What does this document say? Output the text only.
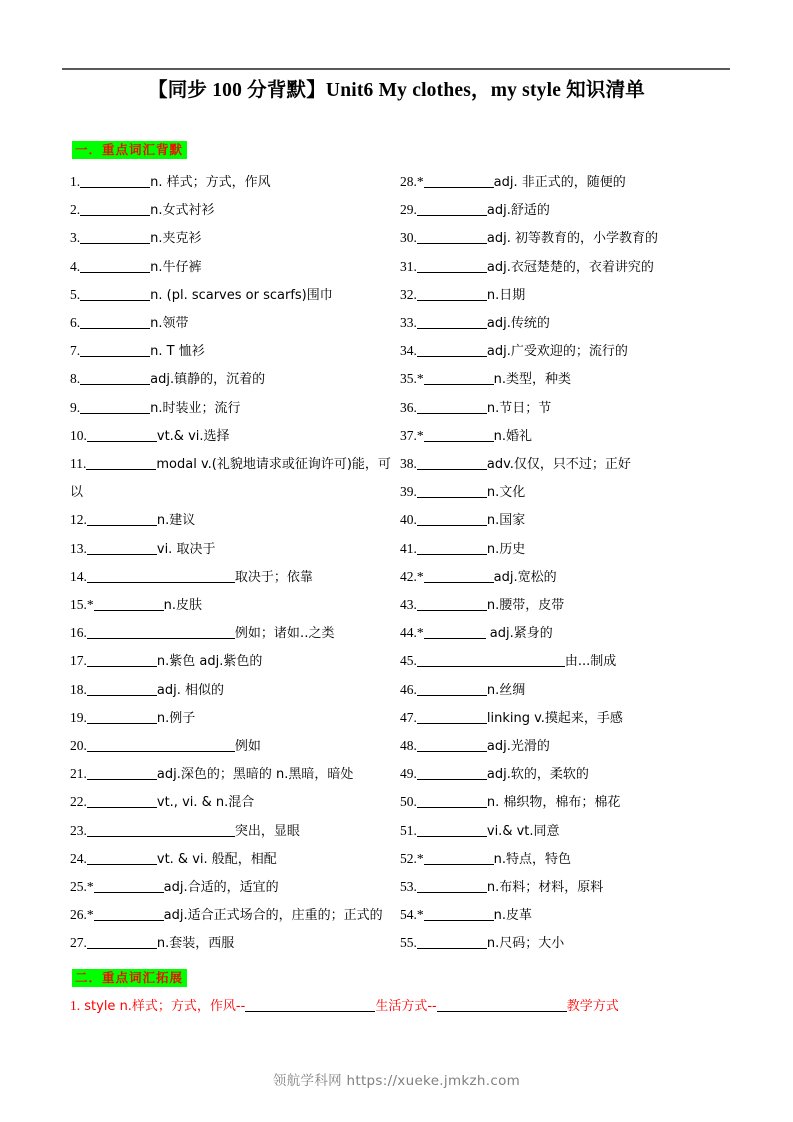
【同步 100 分背默】Unit6 My clothes，my style 知识清单
一．重点词汇背默
1.	n. 样式；方式，作风
2.	n.女式衬衫
3.	n.夹克衫
4.	n.牛仔裤
5.	n. (pl. scarves or scarfs)围巾
6.	n.领带
7.	n. T 恤衫
8.	adj.镇静的，沉着的
9.	n.时装业；流行
10.	vt.& vi.选择
11.	modal v.(礼貌地请求或征询许可)能，可以
12.	n.建议
13.	vi. 取决于
14.	取决于；依靠
15.*	n.皮肤
16.	例如；诸如‥之类
17.	n.紫色 adj.紫色的
18.	adj. 相似的
19.	n.例子
20.	例如
21.	adj.深色的；黑暗的 n.黑暗，暗处
22.	vt., vi. & n.混合
23.	突出，显眼
24.	vt. & vi. 般配，相配
25.*	adj.合适的，适宜的
26.*	adj.适合正式场合的，庄重的；正式的
27.	n.套装，西服
28.*	adj. 非正式的，随便的
29.	adj.舒适的
30.	adj. 初等教育的，小学教育的
31.	adj.衣冠楚楚的，衣着讲究的
32.	n.日期
33.	adj.传统的
34.	adj.广受欢迎的；流行的
35.*	n.类型，种类
36.	n.节日；节
37.*	n.婚礼
38.	adv.仅仅，只不过；正好
39.	n.文化
40.	n.国家
41.	n.历史
42.*	adj.宽松的
43.	n.腰带，皮带
44.*	adj.紧身的
45.	由...制成
46.	n.丝绸
47.	linking v.摸起来，手感
48.	adj.光滑的
49.	adj.软的，柔软的
50.	n. 棉织物，棉布；棉花
51.	vi.& vt.同意
52.*	n.特点，特色
53.	n.布料；材料，原料
54.*	n.皮革
55.	n.尺码；大小
二．重点词汇拓展
1. style n.样式；方式，作风--	生活方式--	教学方式
领航学科网 https://xueke.jmkzh.com
